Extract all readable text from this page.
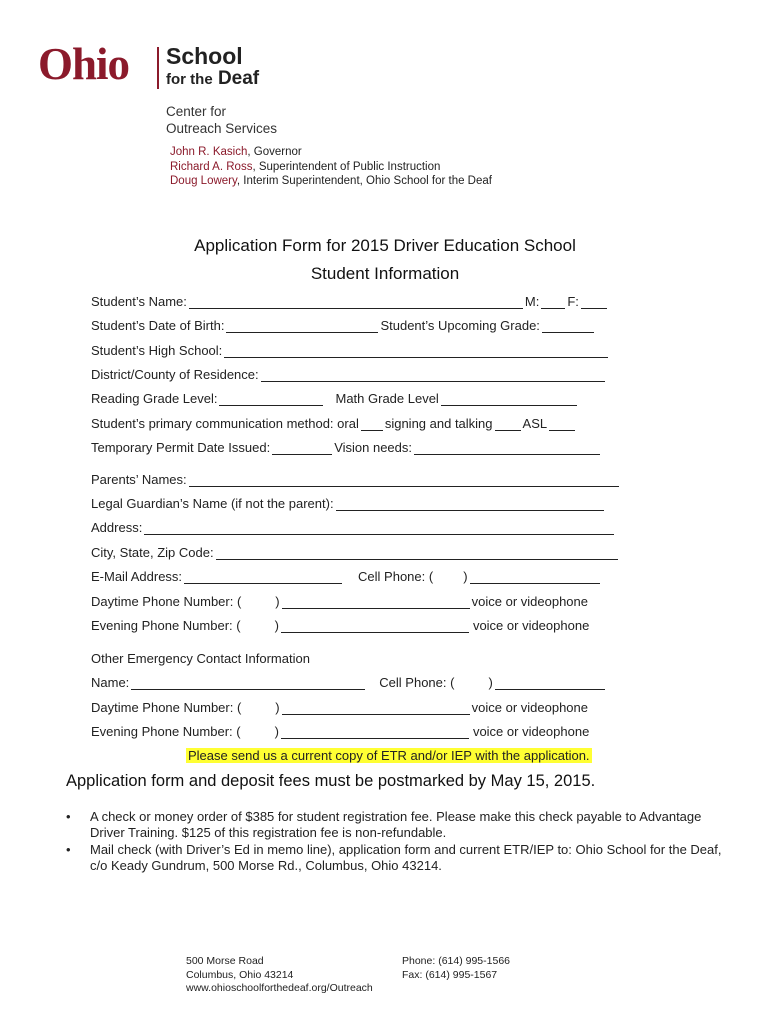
Ohio School
for the Deaf
Center for
Outreach Services
John R. Kasich, Governor
Richard A. Ross, Superintendent of Public Instruction
Doug Lowery, Interim Superintendent, Ohio School for the Deaf
Application Form for 2015 Driver Education School
Student Information
Student’s Name :	M: F:
Student’s Date of Birth:	Student’s Upcoming Grade:
Student’s High School:
District/County of Residence:
Reading Grade Level:	Math Grade Level
Student’s primary communication method: oral signing and talking ASL
Temporary Permit Date Issued:	Vision needs:
Parents’ Names :
Legal Guardian’s Name (if not the parent):
Address:
City, State, Zip Code:
E-Mail Address:	Cell Phone: ( )
Daytime Phone Number: (	)	voice or videophone
Evening Phone Number: (	)	voice or videophone
Other Emergency Contact Information
Name:	Cell Phone: (	)
Daytime Phone Number: (	)	voice or videophone
Evening Phone Number: (	)	voice or videophone
Please send us a current copy of ETR and/or IEP with the application.
Application form and deposit fees must be postmarked by May 15, 2015.
• A check or money order of $385 for student registration fee. Please make this check payable to Advantage Driver Training. $125 of this registration fee is non-refundable.
• Mail check (with Driver’s Ed in memo line), application form and current ETR/IEP to: Ohio School for the Deaf, c/o Keady Gundrum, 500 Morse Rd., Columbus, Ohio 43214.
500 Morse Road
Columbus, Ohio 43214
www.ohioschoolforthedeaf.org/Outreach
Phone: (614) 995-1566
Fax: (614) 995-1567
